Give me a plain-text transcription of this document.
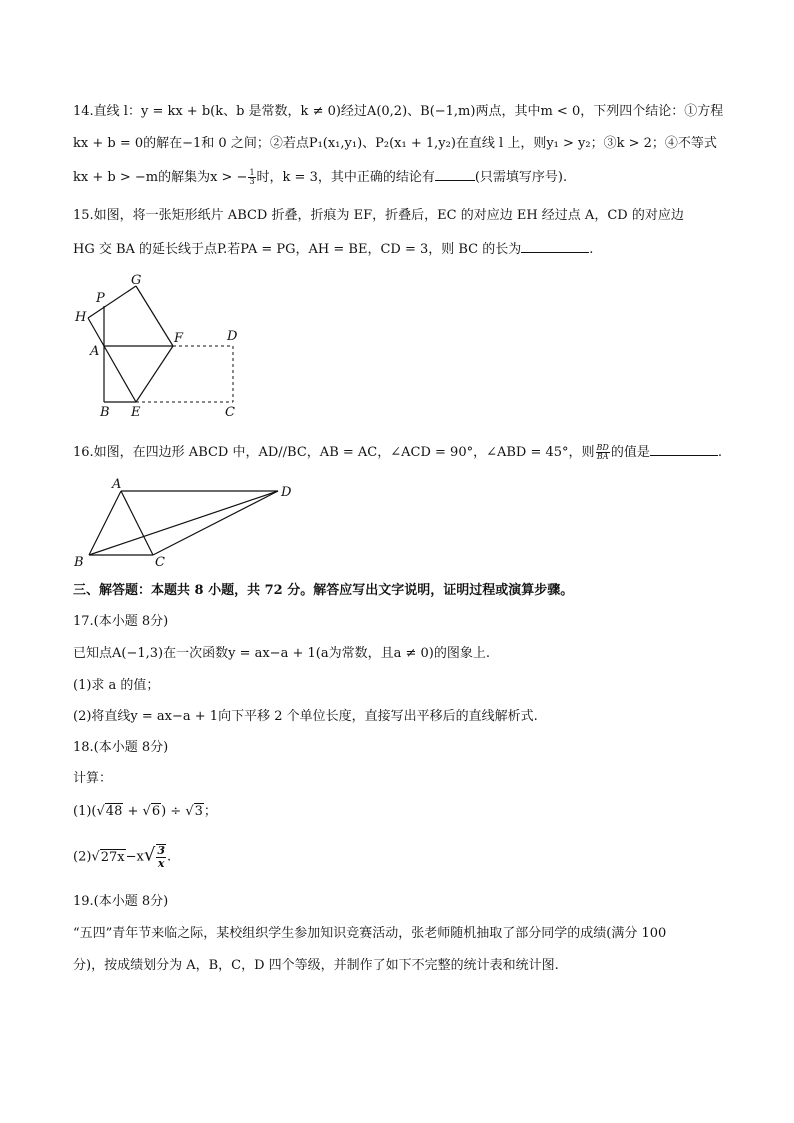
14.直线 l：y = kx + b(k、b 是常数，k ≠ 0)经过A(0,2)、B(−1,m)两点，其中m < 0，下列四个结论：①方程
kx + b = 0的解在−1和 0 之间；②若点P₁(x₁,y₁)、P₂(x₁ + 1,y₂)在直线 l 上，则y₁ > y₂；③k > 2；④不等式
kx + b > −m的解集为x > − $\frac{1}{3}$ 时，k = 3，其中正确的结论有	(只需填写序号).
15.如图，将一张矩形纸片 ABCD 折叠，折痕为 EF，折叠后，EC 的对应边 EH 经过点 A，CD 的对应边
HG 交 BA 的延长线于点P.若PA = PG，AH = BE，CD = 3，则 BC 的长为	.
P
G
H
A
F	D
B E	C
A
D
B	C
16.如图，在四边形 ABCD 中，AD//BC，AB = AC，∠ACD = 90°，∠ABD = 45°，则 $\frac{BD}{BA}$ 的值是	.
三、解答题：本题共 8 小题，共 72 分。解答应写出文字说明，证明过程或演算步骤。
17.(本小题 8分)
已知点A(−1,3)在一次函数y = ax−a + 1(a为常数，且a ≠ 0)的图象上.
(1)求 a 的值；
(2)将直线y = ax−a + 1向下平移 2 个单位长度，直接写出平移后的直线解析式.
18.(本小题 8分)
计算：
(1)(√48 + √6) ÷ √3；
$(2)√27x-x√ \frac{3}{x}$ .
19.(本小题 8分)
“五四”青年节来临之际，某校组织学生参加知识竞赛活动，张老师随机抽取了部分同学的成绩(满分 100
分)，按成绩划分为 A，B，C，D 四个等级，并制作了如下不完整的统计表和统计图.
